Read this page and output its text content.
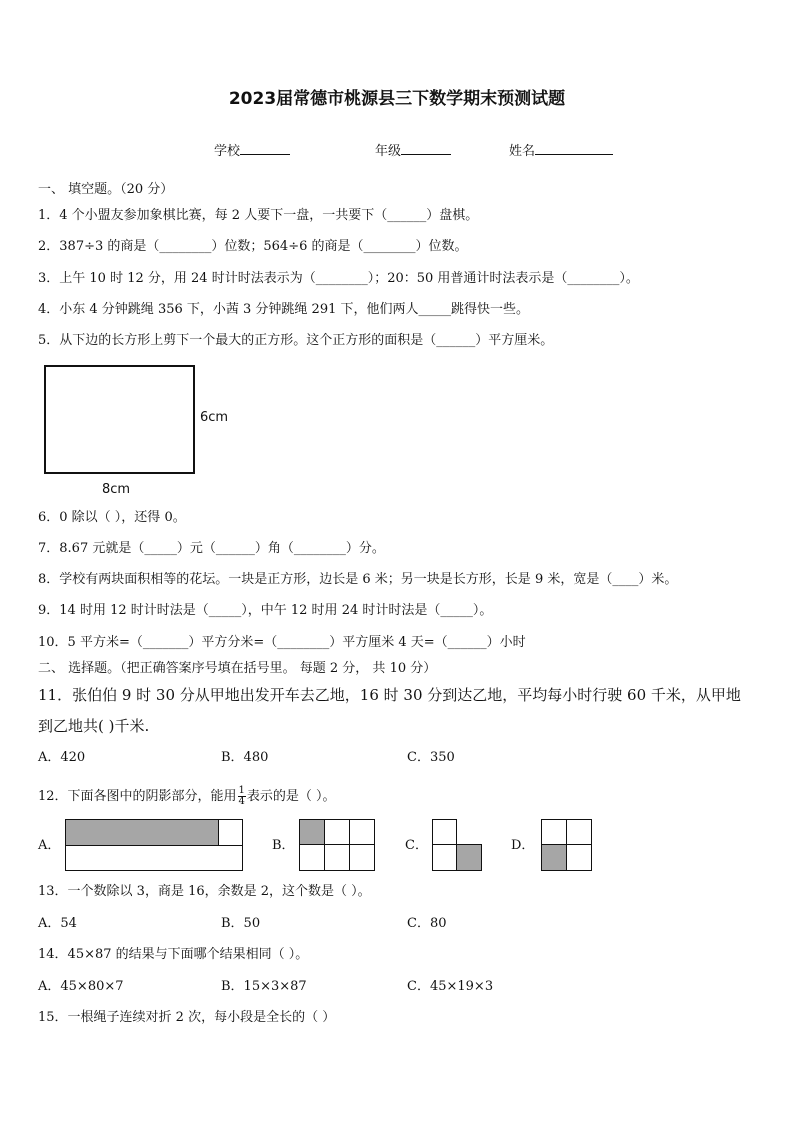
2023届常德市桃源县三下数学期末预测试题
学校	年级	姓名
一、 填空题。（20 分）
1．4 个小盟友参加象棋比赛，每 2 人要下一盘，一共要下（______）盘棋。
2．387÷3 的商是（________）位数；564÷6 的商是（________）位数。
3．上午 10 时 12 分，用 24 时计时法表示为（________）；20：50 用普通计时法表示是（________）。
4．小东 4 分钟跳绳 356 下，小茜 3 分钟跳绳 291 下，他们两人_____跳得快一些。
5．从下边的长方形上剪下一个最大的正方形。这个正方形的面积是（______）平方厘米。
6cm
8cm
6．0 除以（ ），还得 0。
7．8.67 元就是（_____）元（______）角（________）分。
8．学校有两块面积相等的花坛。一块是正方形，边长是 6 米；另一块是长方形，长是 9 米，宽是（____）米。
9．14 时用 12 时计时法是（_____），中午 12 时用 24 时计时法是（_____）。
10．5 平方米=（_______）平方分米=（________）平方厘米 4 天=（______）小时
二、 选择题。（把正确答案序号填在括号里。 每题 2 分， 共 10 分）
11．张伯伯 9 时 30 分从甲地出发开车去乙地，16 时 30 分到达乙地，平均每小时行驶 60 千米，从甲地
到乙地共( )千米.
A．420	B．480	C．350
12．下面各图中的阴影部分，能用 $\frac{1}{4}$ 表示的是（ ）。
A．	B．	C．	D．
13．一个数除以 3，商是 16，余数是 2，这个数是（ ）。
A．54	B．50	C．80
14．45×87 的结果与下面哪个结果相同（ ）。
A．45×80×7	B．15×3×87	C．45×19×3
15．一根绳子连续对折 2 次，每小段是全长的（ ）
